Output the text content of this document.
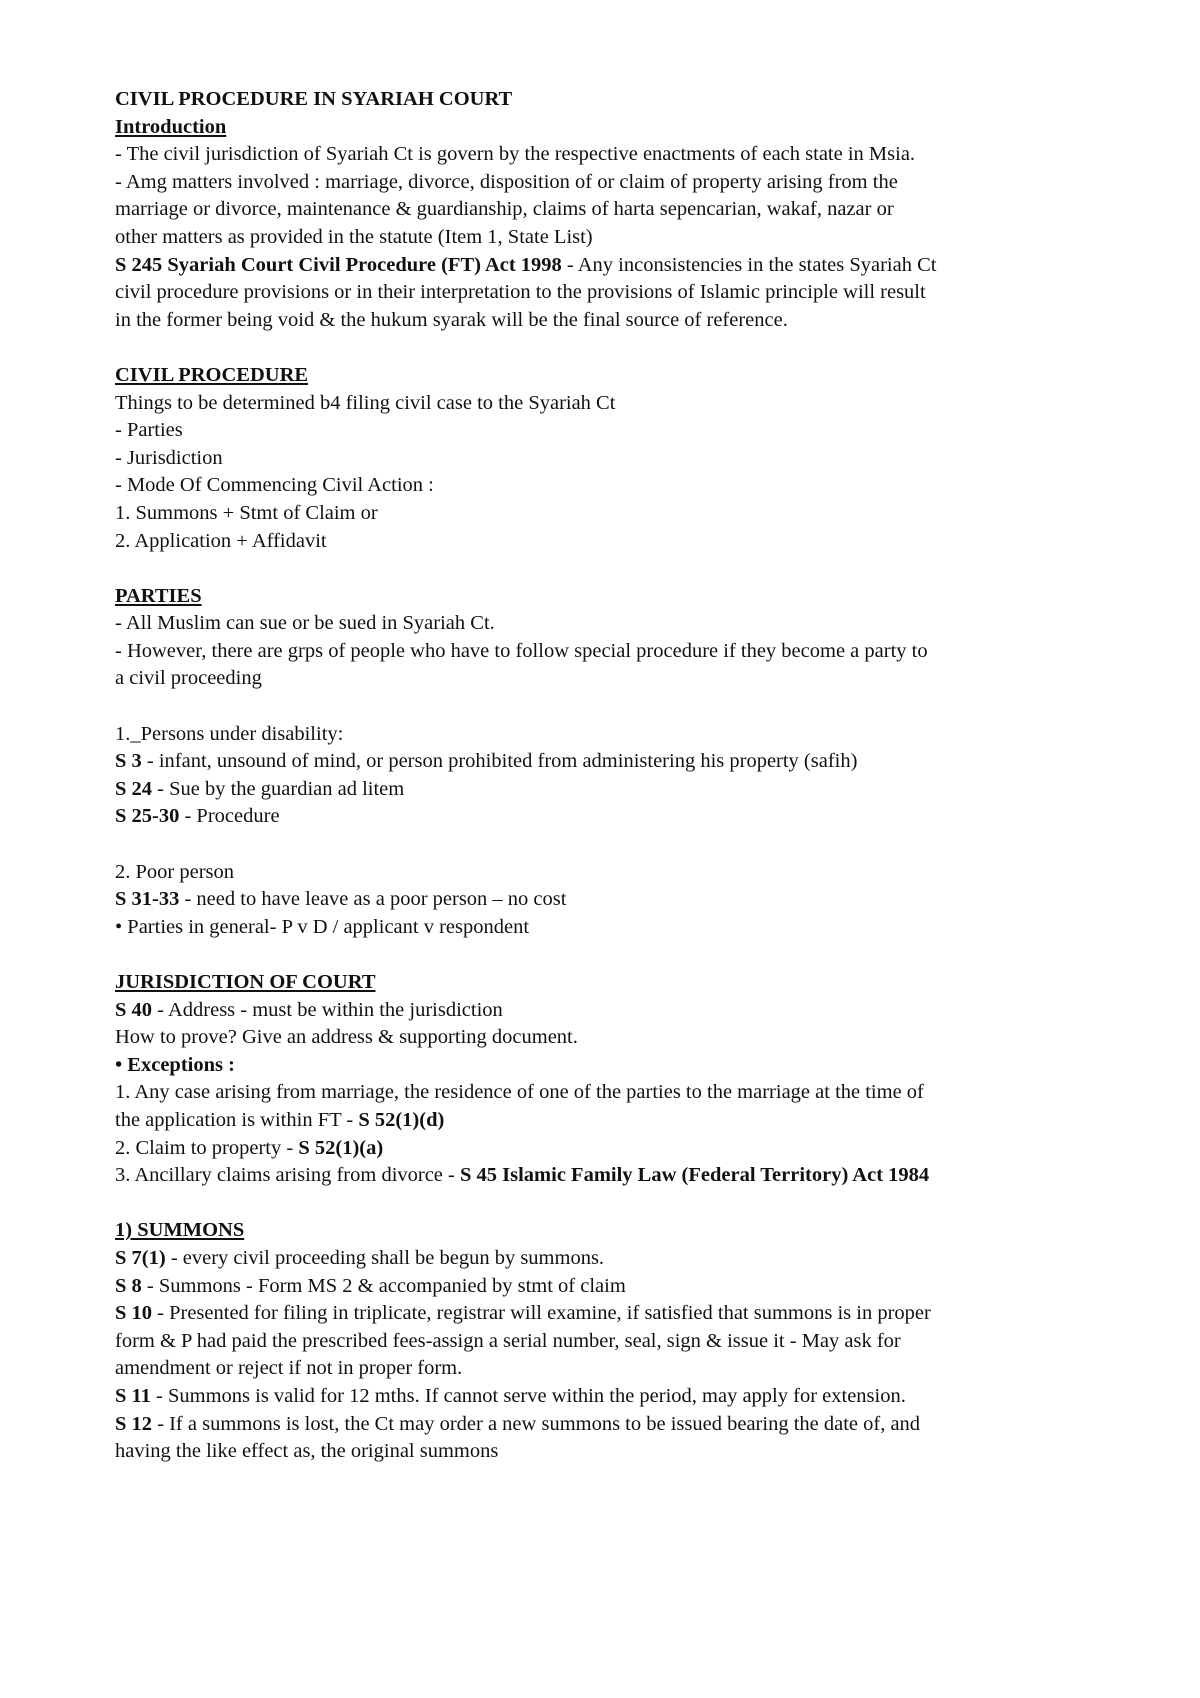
CIVIL PROCEDURE IN SYARIAH COURT
Introduction
- The civil jurisdiction of Syariah Ct is govern by the respective enactments of each state in Msia.
- Amg matters involved : marriage, divorce, disposition of or claim of property arising from the
marriage or divorce, maintenance & guardianship, claims of harta sepencarian, wakaf, nazar or
other matters as provided in the statute (Item 1, State List)
S 245 Syariah Court Civil Procedure (FT) Act 1998 - Any inconsistencies in the states Syariah Ct
civil procedure provisions or in their interpretation to the provisions of Islamic principle will result
in the former being void & the hukum syarak will be the final source of reference.
CIVIL PROCEDURE
Things to be determined b4 filing civil case to the Syariah Ct
- Parties
- Jurisdiction
- Mode Of Commencing Civil Action :
1. Summons + Stmt of Claim or
2. Application + Affidavit
PARTIES
- All Muslim can sue or be sued in Syariah Ct.
- However, there are grps of people who have to follow special procedure if they become a party to
a civil proceeding
1._Persons under disability:
S 3 - infant, unsound of mind, or person prohibited from administering his property (safih)
S 24 - Sue by the guardian ad litem
S 25-30 - Procedure
2. Poor person
S 31-33 - need to have leave as a poor person – no cost
• Parties in general- P v D / applicant v respondent
JURISDICTION OF COURT
S 40 - Address - must be within the jurisdiction
How to prove? Give an address & supporting document.
• Exceptions :
1. Any case arising from marriage, the residence of one of the parties to the marriage at the time of
the application is within FT - S 52(1)(d)
2. Claim to property - S 52(1)(a)
3. Ancillary claims arising from divorce - S 45 Islamic Family Law (Federal Territory) Act 1984
1) SUMMONS
S 7(1) - every civil proceeding shall be begun by summons.
S 8 - Summons - Form MS 2 & accompanied by stmt of claim
S 10 - Presented for filing in triplicate, registrar will examine, if satisfied that summons is in proper
form & P had paid the prescribed fees-assign a serial number, seal, sign & issue it - May ask for
amendment or reject if not in proper form.
S 11 - Summons is valid for 12 mths. If cannot serve within the period, may apply for extension.
S 12 - If a summons is lost, the Ct may order a new summons to be issued bearing the date of, and
having the like effect as, the original summons
